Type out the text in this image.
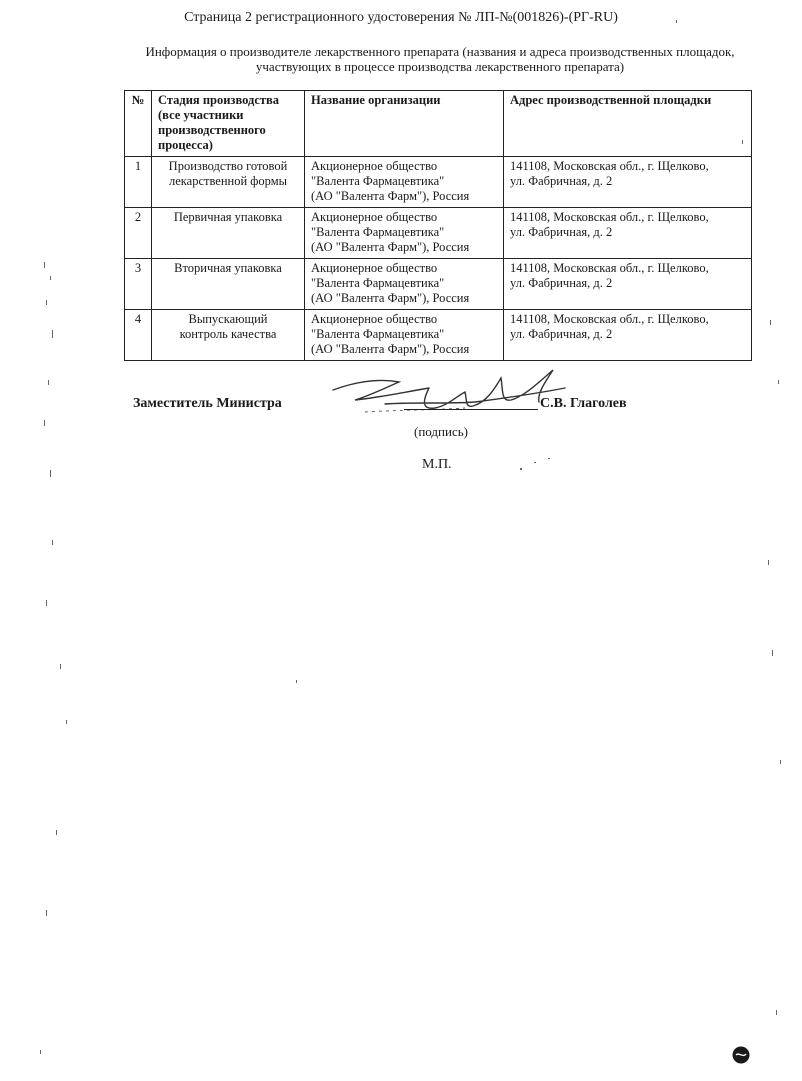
Страница 2 регистрационного удостоверения № ЛП-№(001826)-(РГ-RU)
Информация о производителе лекарственного препарата (названия и адреса производственных площадок,
участвующих в процессе производства лекарственного препарата)
№	Стадия производства
(все участники
производственного
процесса)	Название организации	Адрес производственной площадки
1	Производство готовой
лекарственной формы	Акционерное общество
"Валента Фармацевтика"
(АО "Валента Фарм"), Россия	141108, Московская обл., г. Щелково,
ул. Фабричная, д. 2

2	Первичная упаковка	Акционерное общество
"Валента Фармацевтика"
(АО "Валента Фарм"), Россия	141108, Московская обл., г. Щелково,
ул. Фабричная, д. 2

3	Вторичная упаковка	Акционерное общество
"Валента Фармацевтика"
(АО "Валента Фарм"), Россия	141108, Московская обл., г. Щелково,
ул. Фабричная, д. 2

4	Выпускающий
контроль качества	Акционерное общество
"Валента Фармацевтика"
(АО "Валента Фарм"), Россия	141108, Московская обл., г. Щелково,
ул. Фабричная, д. 2
Заместитель Министра	С.В. Глаголев
(подпись)
М.П.
